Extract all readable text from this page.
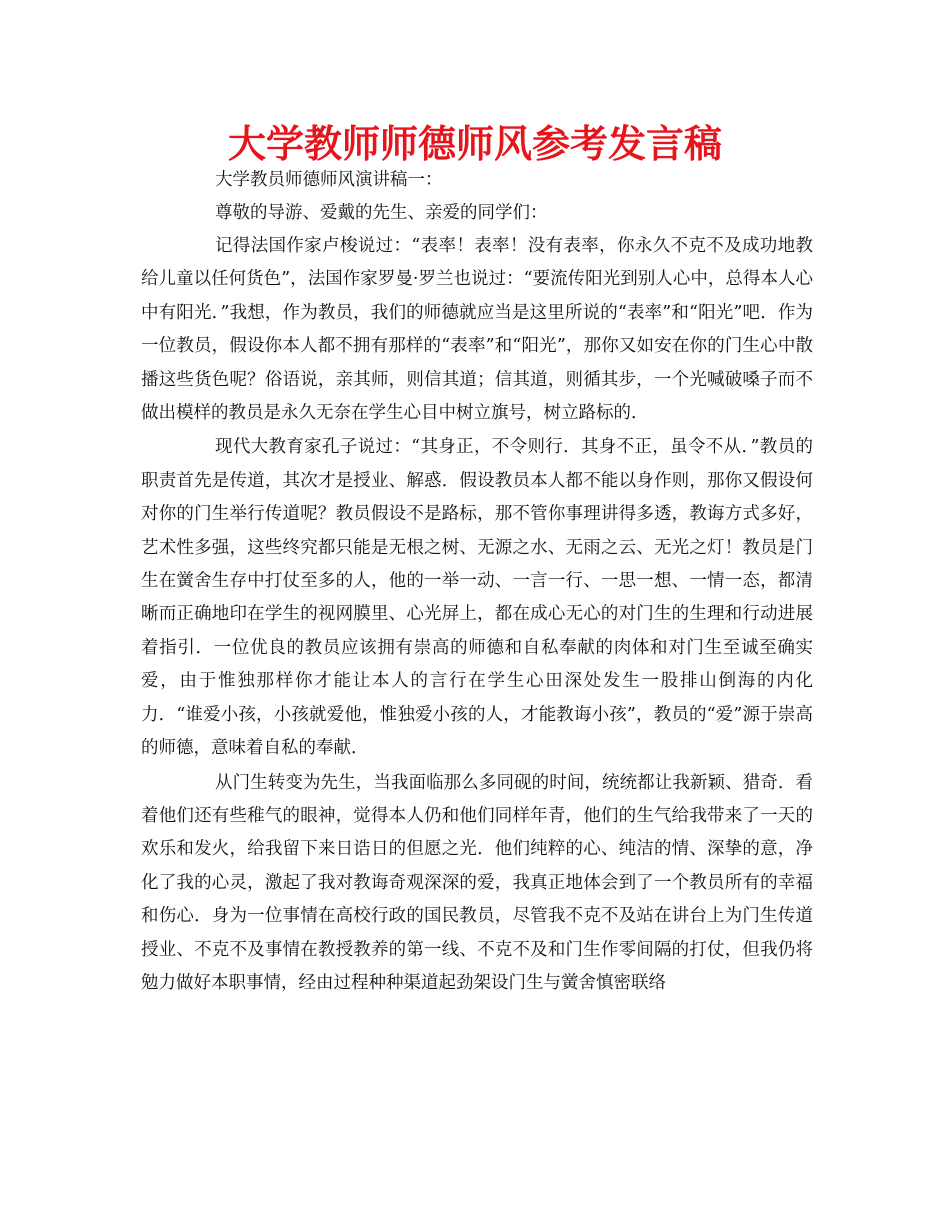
大学教师师德师风参考发言稿

大学教员师德师风演讲稿一：

尊敬的导游、爱戴的先生、亲爱的同学们：

记得法国作家卢梭说过：“表率！表率！没有表率，你永久不克不及成功地教给儿童以任何货色”，法国作家罗曼·罗兰也说过：“要流传阳光到别人心中，总得本人心中有阳光．”我想，作为教员，我们的师德就应当是这里所说的“表率”和“阳光”吧．作为一位教员，假设你本人都不拥有那样的“表率”和“阳光”，那你又如安在你的门生心中散播这些货色呢？俗语说，亲其师，则信其道；信其道，则循其步，一个光喊破嗓子而不做出模样的教员是永久无奈在学生心目中树立旗号，树立路标的．

现代大教育家孔子说过：“其身正，不令则行．其身不正，虽令不从．”教员的职责首先是传道，其次才是授业、解惑．假设教员本人都不能以身作则，那你又假设何对你的门生举行传道呢？教员假设不是路标，那不管你事理讲得多透，教诲方式多好，艺术性多强，这些终究都只能是无根之树、无源之水、无雨之云、无光之灯！教员是门生在黉舍生存中打仗至多的人，他的一举一动、一言一行、一思一想、一情一态，都清晰而正确地印在学生的视网膜里、心光屏上，都在成心无心的对门生的生理和行动进展着指引．一位优良的教员应该拥有崇高的师德和自私奉献的肉体和对门生至诚至确实爱，由于惟独那样你才能让本人的言行在学生心田深处发生一股排山倒海的内化力．“谁爱小孩，小孩就爱他，惟独爱小孩的人，才能教诲小孩”，教员的“爱”源于崇高的师德，意味着自私的奉献．

从门生转变为先生，当我面临那么多同砚的时间，统统都让我新颖、猎奇．看着他们还有些稚气的眼神，觉得本人仍和他们同样年青，他们的生气给我带来了一天的欢乐和发火，给我留下来日诰日的但愿之光．他们纯粹的心、纯洁的情、深挚的意，净化了我的心灵，激起了我对教诲奇观深深的爱，我真正地体会到了一个教员所有的幸福和伤心．身为一位事情在高校行政的国民教员，尽管我不克不及站在讲台上为门生传道授业、不克不及事情在教授教养的第一线、不克不及和门生作零间隔的打仗，但我仍将勉力做好本职事情，经由过程种种渠道起劲架设门生与黉舍慎密联络
